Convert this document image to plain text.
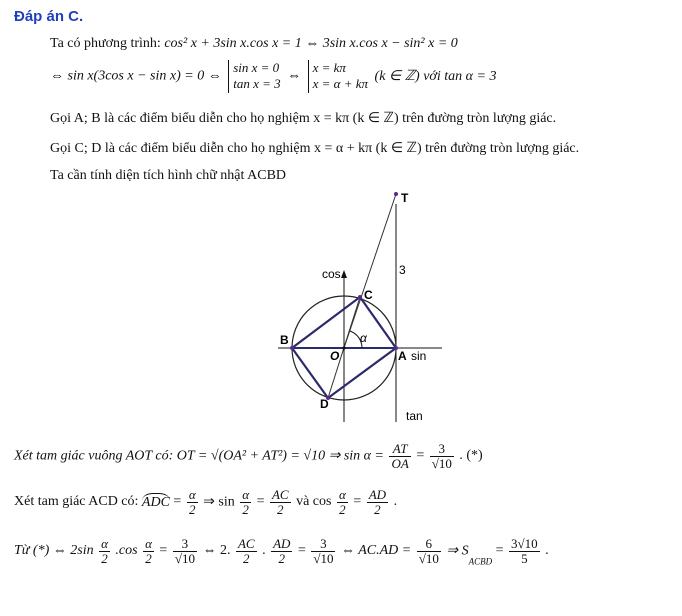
Đáp án C.
Ta có phương trình: cos² x + 3sin x.cos x = 1 ⇔ 3sin x.cos x − sin² x = 0
⇔ sin x(3cos x − sin x) = 0 ⇔
sin x = 0
tan x = 3
⇔
x = kπ
x = α + kπ (k ∈ ℤ) với tan α = 3
Gọi A; B là các điểm biểu diễn cho họ nghiệm x = kπ (k ∈ ℤ) trên đường tròn lượng giác.
Gọi C; D là các điểm biểu diễn cho họ nghiệm x = α + kπ (k ∈ ℤ) trên đường tròn lượng giác.
Ta cần tính diện tích hình chữ nhật ACBD
T
3
cos
C
α
B
O	A sin
D
tan
Xét tam giác vuông AOT có: OT = √(OA² + AT²) = √10 ⇒ $\sin \alpha = \frac{AT}{OA} = \frac{3}{√10}$ . (*)
Xét tam giác ACD có: ADC = $\frac{\alpha}{2}$ ⇒ $\sin \frac{\alpha}{2} = \frac{AC}{2}$ và $\cos \frac{\alpha}{2} = \frac{AD}{2}$ .
Từ (*) ⇔ $2\sin \frac{\alpha}{2} .\cos \frac{\alpha}{2} = \frac{3}{√10}$ ⇔ 2. $\frac{AC}{2}$ . $\frac{AD}{2} = \frac{3}{√10}$ ⇔ $AC.AD = \frac{6}{√10}$ ⇒ $S_{ACBD} = \frac{3√10}{5}$ .
